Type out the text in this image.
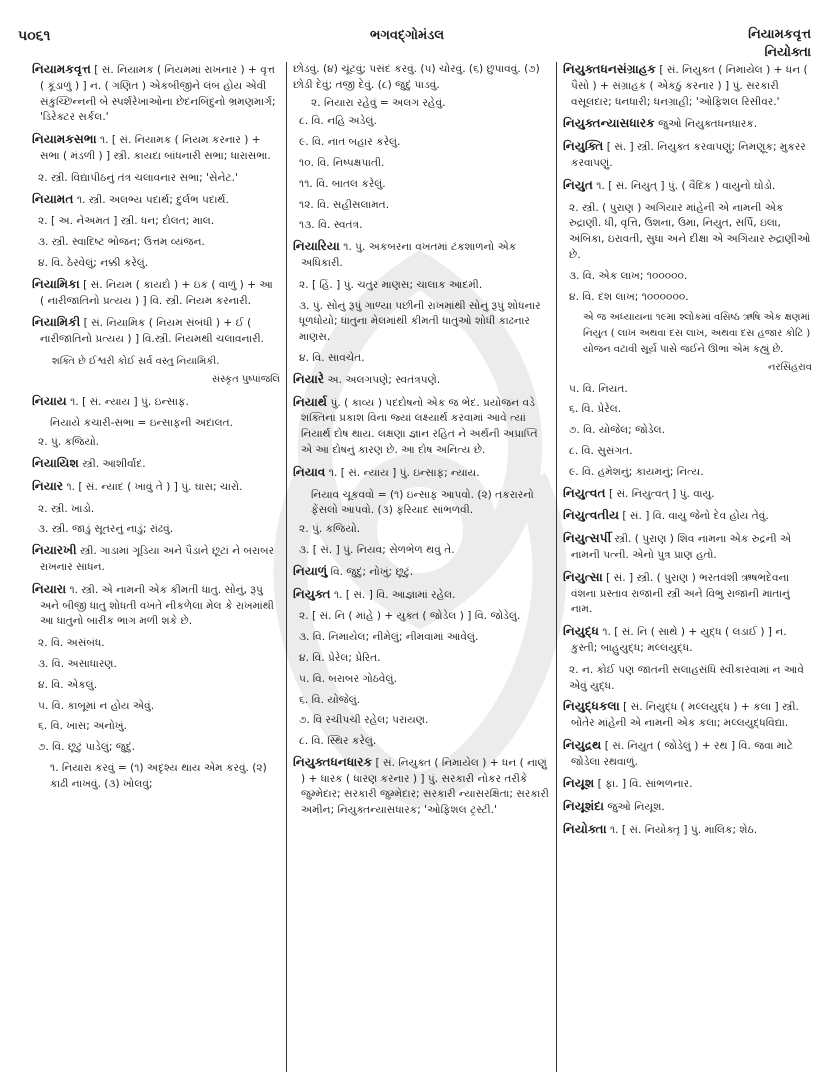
૫૦૬૧	ભગવદ્ગોમંડલ	નિયામકવૃત્ત
નિયોક્તા

નિયામકવૃત્ત [ સં. નિયામક ( નિયમમાં રાખનાર ) + વૃત્ત ( કૂંડાળું ) ] ન. ( ગણિત ) એકબીજીને લંબ હોય એવી સંકુચ્છિન્નની બે સ્પર્શરેખાઓના છેદનબિંદુનો ભ્રમણમાર્ગ; 'ડિરેક્ટર સર્કલ.'

નિયામકસભા ૧. [ સં. નિયામક ( નિયમ કરનાર ) + સભા ( મંડળી ) ] સ્ત્રી. કાયદા બાંધનારી સભા; ધારાસભા.

૨. સ્ત્રી. વિદ્યાપીઠનું તંત્ર ચલાવનાર સભા; 'સેનેટ.'

નિયામત ૧. સ્ત્રી. અલભ્ય પદાર્થ; દુર્લભ પદાર્થ.

૨. [ અ. નેઅમત ] સ્ત્રી. ધન; દોલત; માલ.

૩. સ્ત્રી. સ્વાદિષ્ટ ભોજન; ઉત્તમ વ્યંજન.

૪. વિ. ઠેરવેલું; નક્કી કરેલું.

નિયામિકા [ સં. નિયમ ( કાયદો ) + ઇક ( વાળું ) + આ ( નારીજાતિનો પ્રત્યય ) ] વિ. સ્ત્રી. નિયમ કરનારી.

નિયામિકી [ સં. નિયામિક ( નિયમ સંબંધી ) + ઈ ( નારીજાતિનો પ્રત્યય ) ] વિ.સ્ત્રી. નિયમથી ચલાવનારી.

શક્તિ છે ઈશ્વરી કોઈ સર્વ વસ્તુ નિયામિકી.

સંસ્કૃત પુષ્પાંજલિ

નિયાય ૧. [ સં. ન્યાય ] પું. ઇન્સાફ.

નિયાયે કચારી-સભા = ઇન્સાફની અદાલત.

૨. પું. કજિયો.

નિયાયિશ સ્ત્રી. આશીર્વાદ.

નિયાર ૧. [ સં. ન્યાદ ( ખાવું તે ) ] પું. ઘાસ; ચારો.

૨. સ્ત્રી. ખાડો.

૩. સ્ત્રી. જાડું સૂતરનું નાડું; રાંઢવું.

નિયારખી સ્ત્રી. ગાડામાં ગૂડિયા અને પૈડાને છૂટાં ને બરાબર રાખનાર સાધન.

નિયારા ૧. સ્ત્રી. એ નામની એક કીમતી ધાતુ. સોનું, રૂપું અને બીજી ધાતુ શોધતી વખતે નીકળેલા મેલ કે રાખમાંથી આ ધાતુનો બારીક ભાગ મળી શકે છે.

૨. વિ. અસંબંધ.

૩. વિ. અસાધારણ.

૪. વિ. એકલું.

૫. વિ. કાબૂમાં ન હોય એવું.

૬. વિ. ખાસ; અનોખું.

૭. વિ. છૂટું પાડેલું; જુદું.

૧. નિયારા કરવું = (૧) અદૃશ્ય થાય એમ કરવું. (૨) કાઢી નાખવું. (૩) ખોલવું;

છોડવું. (૪) ચૂંટવું; પસંદ કરવું. (૫) ચોરવું. (૬) છુપાવવું. (૭) છોડી દેવું; તજી દેવું. (૮) જુદું પાડવું.

૨. નિયારા રહેવું = અલગ રહેવું.

૮. વિ. નહિ અડેલું.

૯. વિ. નાત બહાર કરેલું.

૧૦. વિ. નિષ્પક્ષપાતી.

૧૧. વિ. બાતલ કરેલું.

૧૨. વિ. સહીસલામત.

૧૩. વિ. સ્વતંત્ર.

નિયારિયા ૧. પું. અકબરના વખતમાં ટંકશાળનો એક અધિકારી.

૨. [ હિં. ] પું. ચતુર માણસ; ચાલાક આદમી.

૩. પું. સોનું રૂપું ગાળ્યા પછીની રાખમાંથી સોનું રૂપું શોધનાર ધૂળધોયો; ધાતુના મેલમાંથી કીમતી ધાતુઓ શોધી કાઢનાર માણસ.

૪. વિ. સાવચેત.

નિયારે અ. અલગપણે; સ્વતંત્રપણે.

નિયાર્થ પું. ( કાવ્ય ) પદદોષનો એક જ ભેદ. પ્રયોજન વડે શક્તિના પ્રકાશ વિના જ્યાં લક્ષ્યાર્થ કરવામાં આવે ત્યાં નિયાર્થ દોષ થાય. લક્ષણા જ્ઞાન રહિત ને અર્થની અપ્રાપ્તિ એ આ દોષનું કારણ છે. આ દોષ અનિત્ય છે.

નિયાવ ૧. [ સં. ન્યાય ] પું. ઇન્સાફ; ન્યાય.

નિયાવ ચૂકવવો = (૧) ઇન્સાફ આપવો. (૨) તકરારનો ફેંસલો આપવો. (૩) ફરિયાદ સાંભળવી.

૨. પું. કજિયો.

૩. [ સં. ] પું. નિયવ; સેળભેળ થવું તે.

નિયાળું વિ. જુદું; નોખું; છૂટું.

નિયુક્ત ૧. [ સં. ] વિ. આજ્ઞામાં રહેલ.

૨. [ સં. નિ ( માંહે ) + યુક્ત ( જોડેલ ) ] વિ. જોડેલું.

૩. વિ. નિમાયેલ; નીમેલું; નીમવામાં આવેલું.

૪. વિ. પ્રેરેલ; પ્રેરિત.

૫. વિ. બરાબર ગોઠવેલું.

૬. વિ. યોજેલું.

૭. વિ રચીપચી રહેલ; પરાયણ.

૮. વિ. સ્થિર કરેલું.

નિયુક્તધનધારક [ સં. નિયુક્ત ( નિમાયેલ ) + ધન ( નાણું ) + ધારક ( ધારણ કરનાર ) ] પું. સરકારી નોકર તરીકે જુમ્મેદાર; સરકારી જુમ્મેદાર; સરકારી ન્યાસરક્ષિતા; સરકારી અમીન; નિયુક્તન્યાસધારક; 'ઓફિશલ ટ્રસ્ટી.'

નિયુક્તધનસંગ્રાહક [ સં. નિયુક્ત ( નિમાયેલ ) + ધન ( પૈસો ) + સંગ્રાહક ( એકઠું કરનાર ) ] પું. સરકારી વસૂલદાર; ધનધારી; ધનગ્રાહી; 'ઓફિશલ રિસીવર.'

નિયુક્તન્યાસધારક જુઓ નિયુક્તધનધારક.

નિયુક્તિ [ સં. ] સ્ત્રી. નિયુક્ત કરવાપણું; નિમણૂક; મુકરર કરવાપણું.

નિયુત ૧. [ સં. નિયુત્ ] પું. ( વૈદિક ) વાયુનો ઘોડો.

૨. સ્ત્રી. ( પુરાણ ) અગિયાર માંહેની એ નામની એક રુદ્રાણી. ધી, વૃત્તિ, ઉશના, ઉમા, નિયુત, સર્પિ, ઇલા, અંબિકા, ઇરાવતી, સુધા અને દીક્ષા એ અગિયાર રુદ્રાણીઓ છે.

૩. વિ. એક લાખ; ૧૦૦૦૦૦.

૪. વિ. દશ લાખ; ૧૦૦૦૦૦૦.

એ જ અધ્યાયના ૧૯મા શ્લોકમાં વસિષ્ઠ ઋષિ એક ક્ષણમાં નિયુત ( લાખ અથવા દસ લાખ, અથવા દસ હજાર કોટિ ) યોજન વટાવી સૂર્ય પાસે જઈને ઊભા એમ કહ્યું છે.

નરસિંહરાવ

૫. વિ. નિયત.

૬. વિ. પ્રેરેલ.

૭. વિ. યોજેલ; જોડેલ.

૮. વિ. સુસંગત.

૯. વિ. હમેશનું; કાયમનું; નિત્ય.

નિયુત્વત [ સં. નિયુત્વત્ ] પું. વાયુ.

નિયુત્વતીય [ સં. ] વિ. વાયુ જેનો દેવ હોય તેવું.

નિયુત્સર્પી સ્ત્રી. ( પુરાણ ) શિવ નામના એક રુદ્રની એ નામની પત્ની. એનો પુત્ર પ્રાણ હતો.

નિયુત્સા [ સં. ] સ્ત્રી. ( પુરાણ ) ભરતવંશી ઋષભદેવના વંશના પ્રસ્તાવ રાજાની સ્ત્રી અને વિભુ રાજાની માતાનું નામ.

નિયુદ્ધ ૧. [ સં. નિ ( સાથે ) + યુદ્ધ ( લડાઈ ) ] ન. કુસ્તી; બાહુયુદ્ધ; મલ્લયુદ્ધ.

૨. ન. કોઈ પણ જાતની સલાહસંધિ સ્વીકારવામાં ન આવે એવું યુદ્ધ.

નિયુદ્ધકલા [ સં. નિયુદ્ધ ( મલ્લયુદ્ધ ) + કલા ] સ્ત્રી. બોંતેર માંહેની એ નામની એક કલા; મલ્લયુદ્ધવિદ્યા.

નિયુદ્રથ [ સં. નિયુત ( જોડેલું ) + રથ ] વિ. જવા માટે જોડેલા રથવાળું.

નિયૂશ [ ફા. ] વિ. સાંભળનાર.

નિયૂશંદા જુઓ નિયૂશ.

નિયોક્તા ૧. [ સં. નિયોક્તૃ ] પું. માલિક; શેઠ.
